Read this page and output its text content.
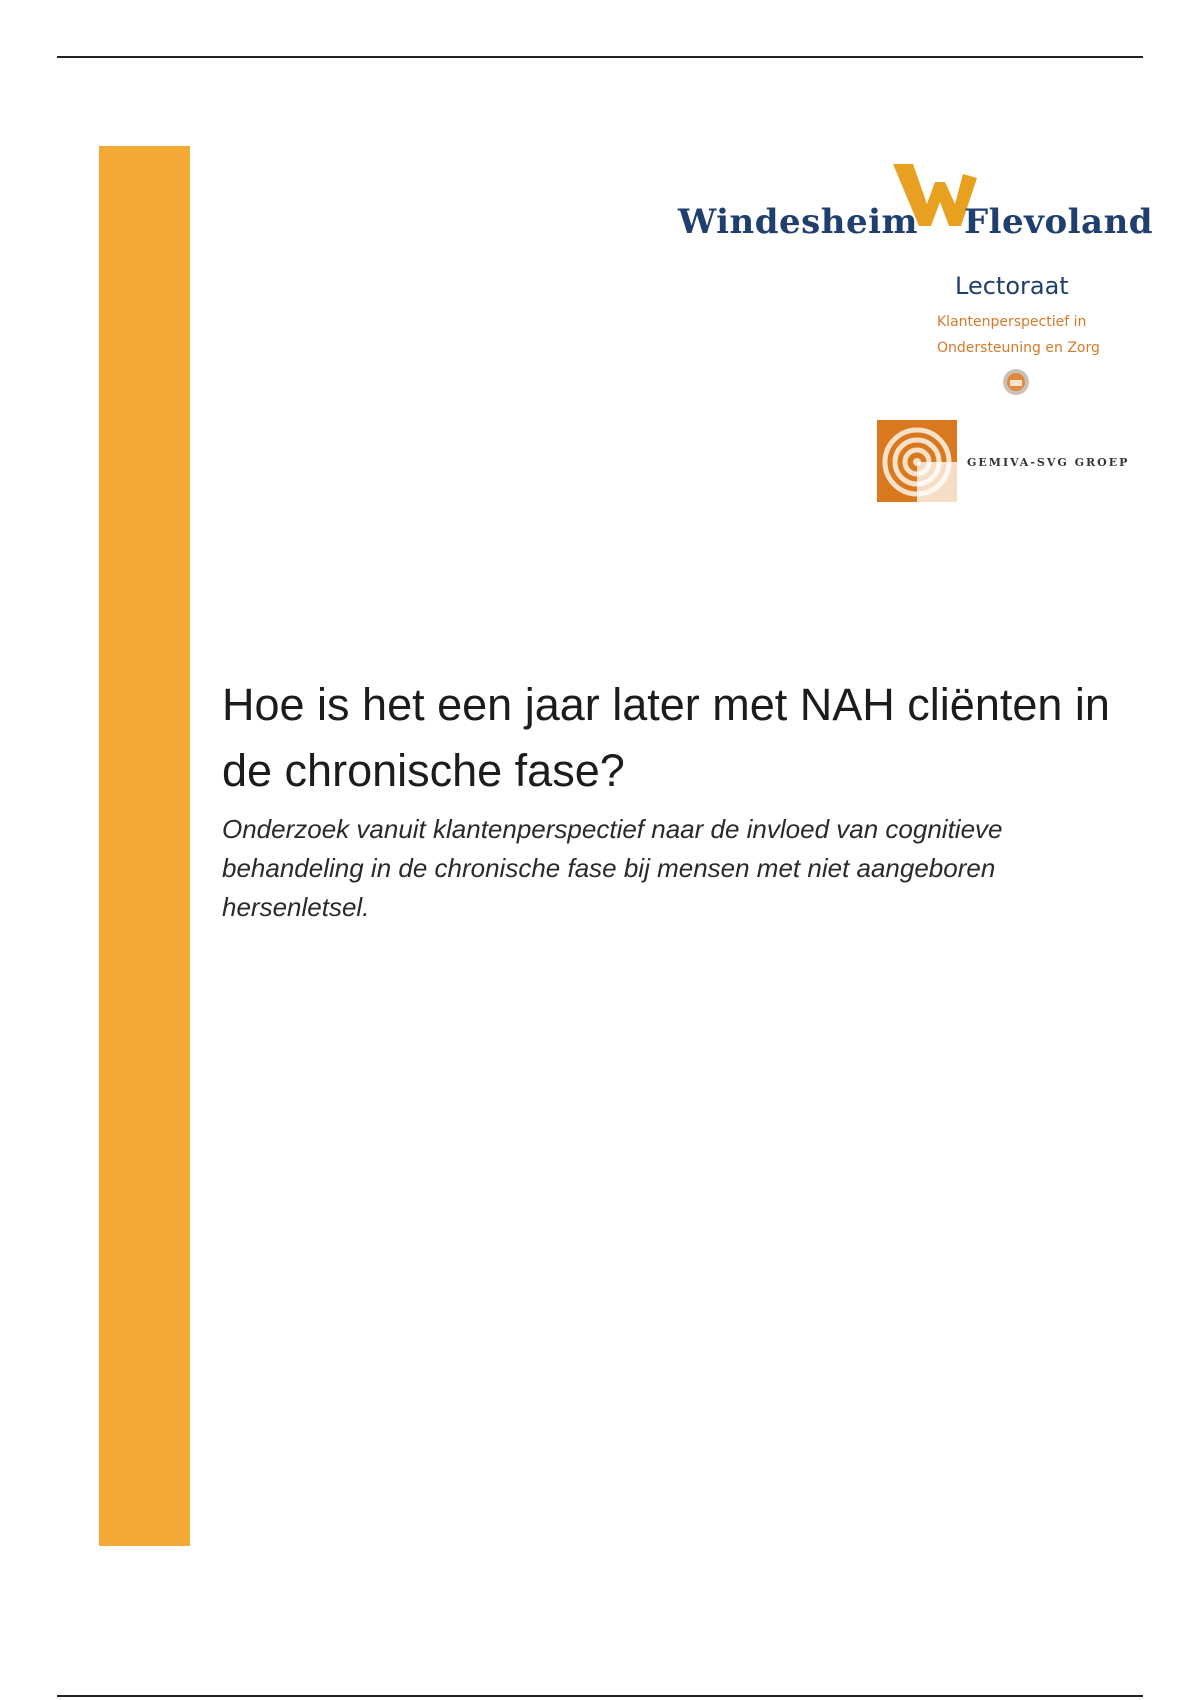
Windesheim Flevoland
Lectoraat
Klantenperspectief in
Ondersteuning en Zorg
GEMIVA-SVG GROEP
Hoe is het een jaar later met NAH cliënten in de chronische fase?

Onderzoek vanuit klantenperspectief naar de invloed van cognitieve behandeling in de chronische fase bij mensen met niet aangeboren hersenletsel.
